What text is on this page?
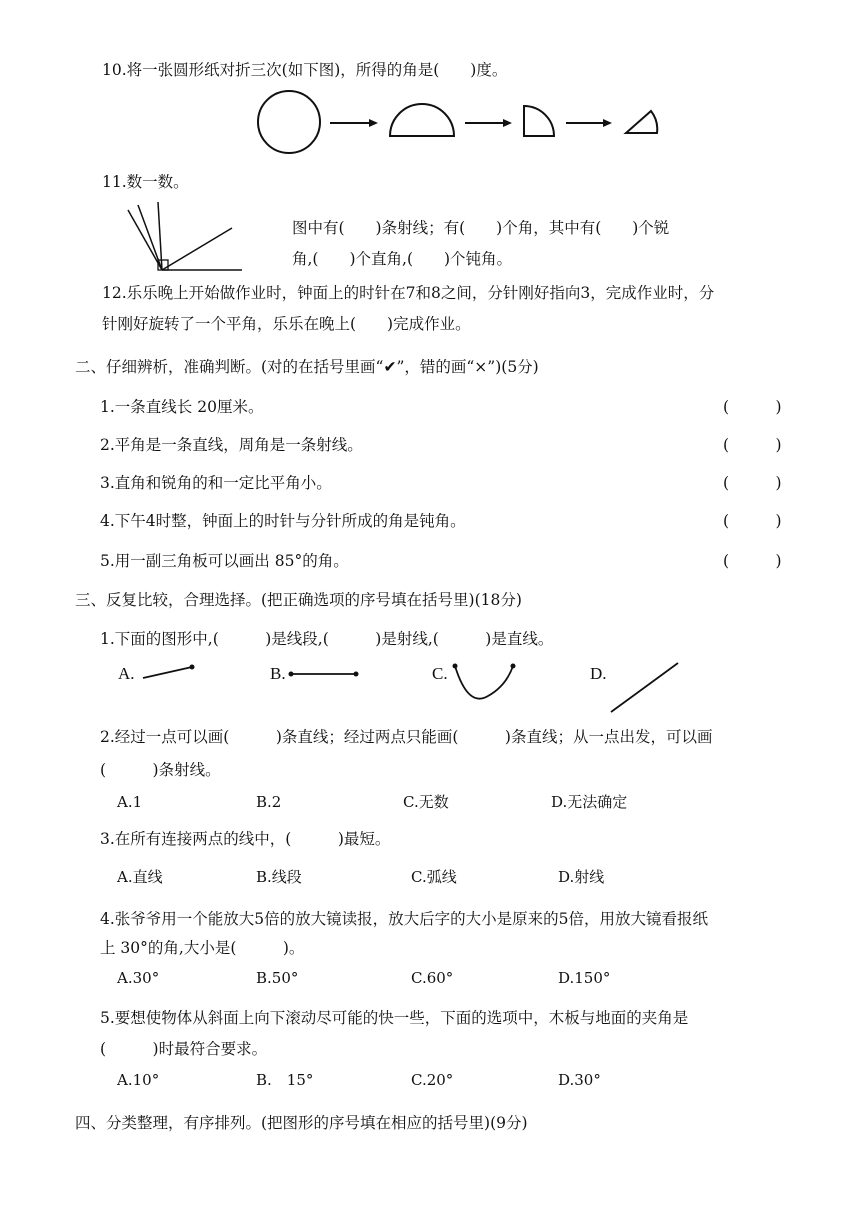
10.将一张圆形纸对折三次(如下图)，所得的角是(　　)度。
11.数一数。
图中有(　　)条射线；有(　　)个角，其中有(　　)个锐
角,(　　)个直角,(　　)个钝角。
12.乐乐晚上开始做作业时，钟面上的时针在7和8之间，分针刚好指向3，完成作业时，分
针刚好旋转了一个平角，乐乐在晚上(　　)完成作业。
二、仔细辨析，准确判断。(对的在括号里画“✔”，错的画“×”)(5分)
1.一条直线长 20厘米。	(　　　)
2.平角是一条直线，周角是一条射线。	(　　　)
3.直角和锐角的和一定比平角小。	(　　　)
4.下午4时整，钟面上的时针与分针所成的角是钝角。	(　　　)
5.用一副三角板可以画出 85°的角。	(　　　)
三、反复比较，合理选择。(把正确选项的序号填在括号里)(18分)
1.下面的图形中,(　　　)是线段,(　　　)是射线,(　　　)是直线。
A.	B.	C.	D.
2.经过一点可以画(　　　)条直线；经过两点只能画(　　　)条直线；从一点出发，可以画
(　　　)条射线。
A.1	B.2	C.无数	D.无法确定
3.在所有连接两点的线中，(　　　)最短。
A.直线	B.线段	C.弧线	D.射线
4.张爷爷用一个能放大5倍的放大镜读报，放大后字的大小是原来的5倍，用放大镜看报纸
上 30°的角,大小是(　　　)。
A.30°	B.50°	C.60°	D.150°
5.要想使物体从斜面上向下滚动尽可能的快一些，下面的选项中，木板与地面的夹角是
(　　　)时最符合要求。
A.10°	B.　15°	C.20°	D.30°
四、分类整理，有序排列。(把图形的序号填在相应的括号里)(9分)
